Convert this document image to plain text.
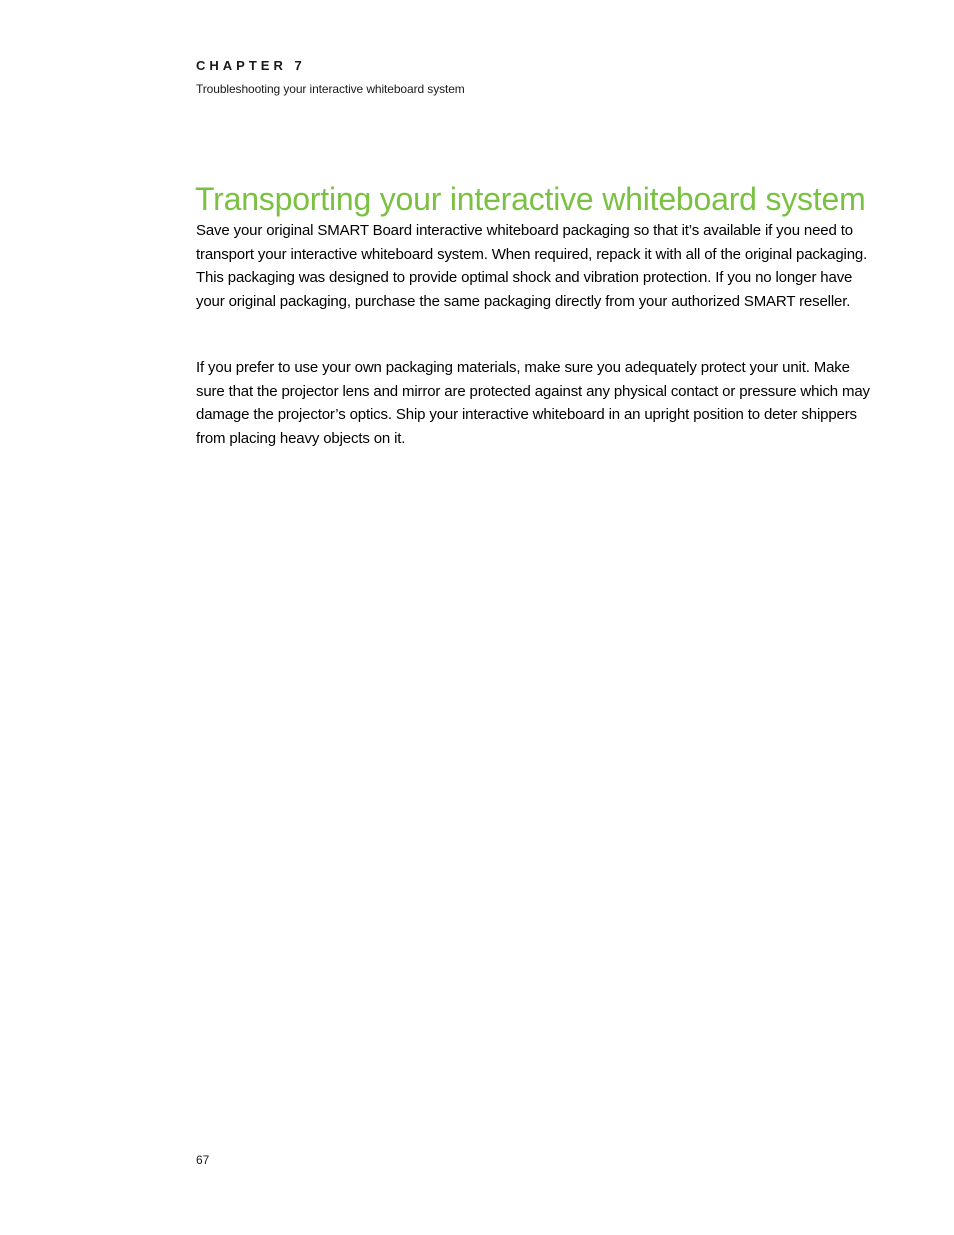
CHAPTER 7

Troubleshooting your interactive whiteboard system

Transporting your interactive whiteboard system

Save your original SMART Board interactive whiteboard packaging so that it’s available if you need to transport your interactive whiteboard system. When required, repack it with all of the original packaging. This packaging was designed to provide optimal shock and vibration protection. If you no longer have your original packaging, purchase the same packaging directly from your authorized SMART reseller.

If you prefer to use your own packaging materials, make sure you adequately protect your unit. Make sure that the projector lens and mirror are protected against any physical contact or pressure which may damage the projector’s optics. Ship your interactive whiteboard in an upright position to deter shippers from placing heavy objects on it.

67
